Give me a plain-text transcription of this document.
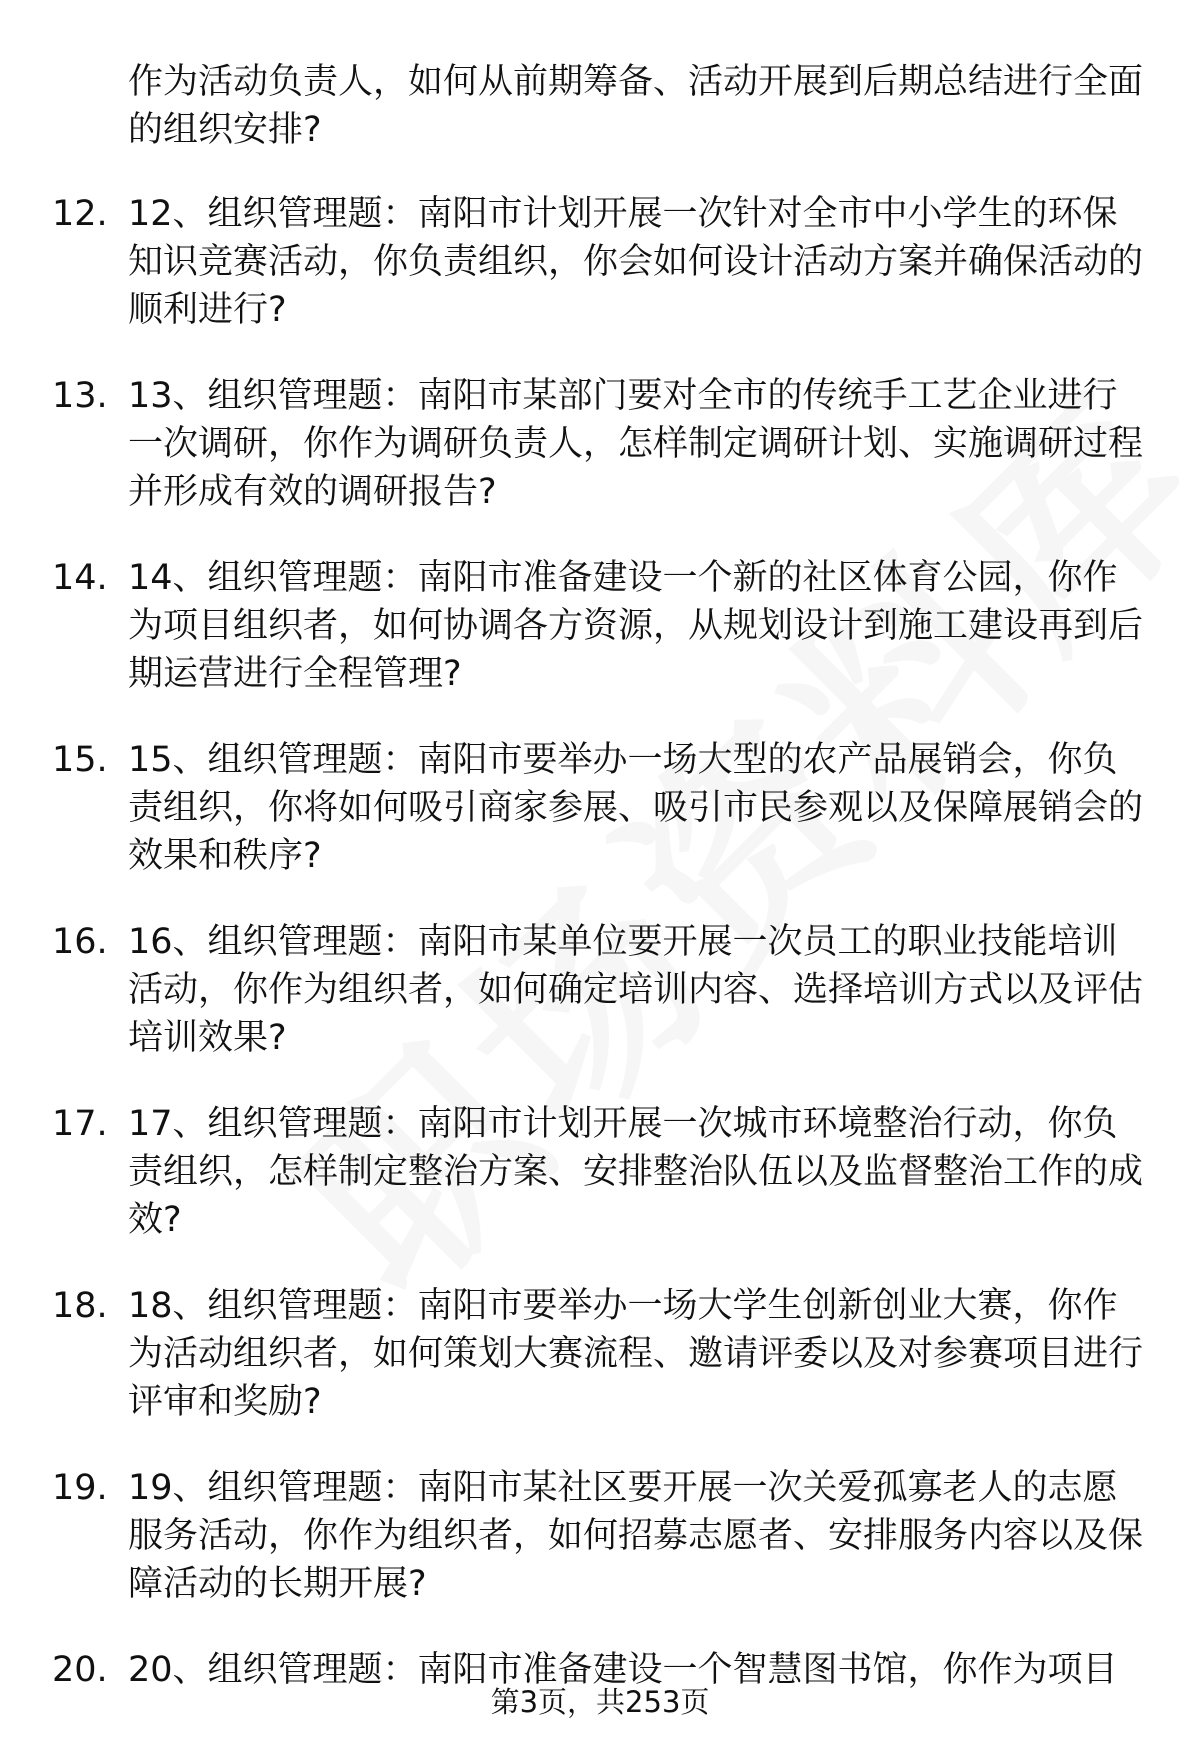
作为活动负责人，如何从前期筹备、活动开展到后期总结进行全面的组织安排?

12. 12、组织管理题：南阳市计划开展一次针对全市中小学生的环保知识竞赛活动，你负责组织，你会如何设计活动方案并确保活动的顺利进行?

13. 13、组织管理题：南阳市某部门要对全市的传统手工艺企业进行一次调研，你作为调研负责人，怎样制定调研计划、实施调研过程并形成有效的调研报告?

14. 14、组织管理题：南阳市准备建设一个新的社区体育公园，你作为项目组织者，如何协调各方资源，从规划设计到施工建设再到后期运营进行全程管理?

15. 15、组织管理题：南阳市要举办一场大型的农产品展销会，你负责组织，你将如何吸引商家参展、吸引市民参观以及保障展销会的效果和秩序?

16. 16、组织管理题：南阳市某单位要开展一次员工的职业技能培训活动，你作为组织者，如何确定培训内容、选择培训方式以及评估培训效果?

17. 17、组织管理题：南阳市计划开展一次城市环境整治行动，你负责组织，怎样制定整治方案、安排整治队伍以及监督整治工作的成效?

18. 18、组织管理题：南阳市要举办一场大学生创新创业大赛，你作为活动组织者，如何策划大赛流程、邀请评委以及对参赛项目进行评审和奖励?

19. 19、组织管理题：南阳市某社区要开展一次关爱孤寡老人的志愿服务活动，你作为组织者，如何招募志愿者、安排服务内容以及保障活动的长期开展?

20. 20、组织管理题：南阳市准备建设一个智慧图书馆，你作为项目

第3页，共253页
